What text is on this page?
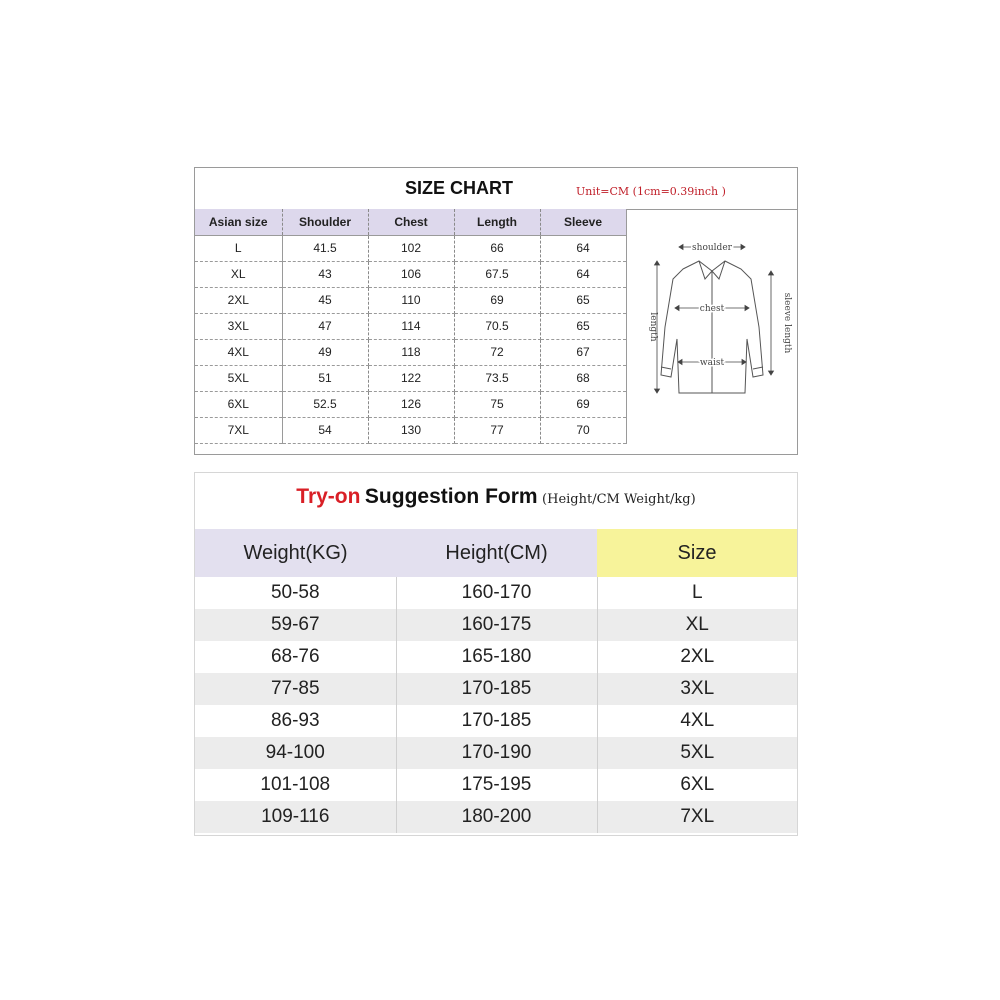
SIZE CHART	Unit=CM (1cm=0.39inch )
Asian size	Shoulder	Chest	Length	Sleeve
L	41.5	102	66	64
XL	43	106	67.5	64
2XL	45	110	69	65
3XL	47	114	70.5	65
4XL	49	118	72	67
5XL	51	122	73.5	68
6XL	52.5	126	75	69
7XL	54	130	77	70
shoulder
chest
waist
length	sleeve length
Try-on Suggestion Form (Height/CM Weight/kg)
Weight(KG)	Height(CM)	Size
50-58	160-170	L
59-67	160-175	XL
68-76	165-180	2XL
77-85	170-185	3XL
86-93	170-185	4XL
94-100	170-190	5XL
101-108	175-195	6XL
109-116	180-200	7XL
